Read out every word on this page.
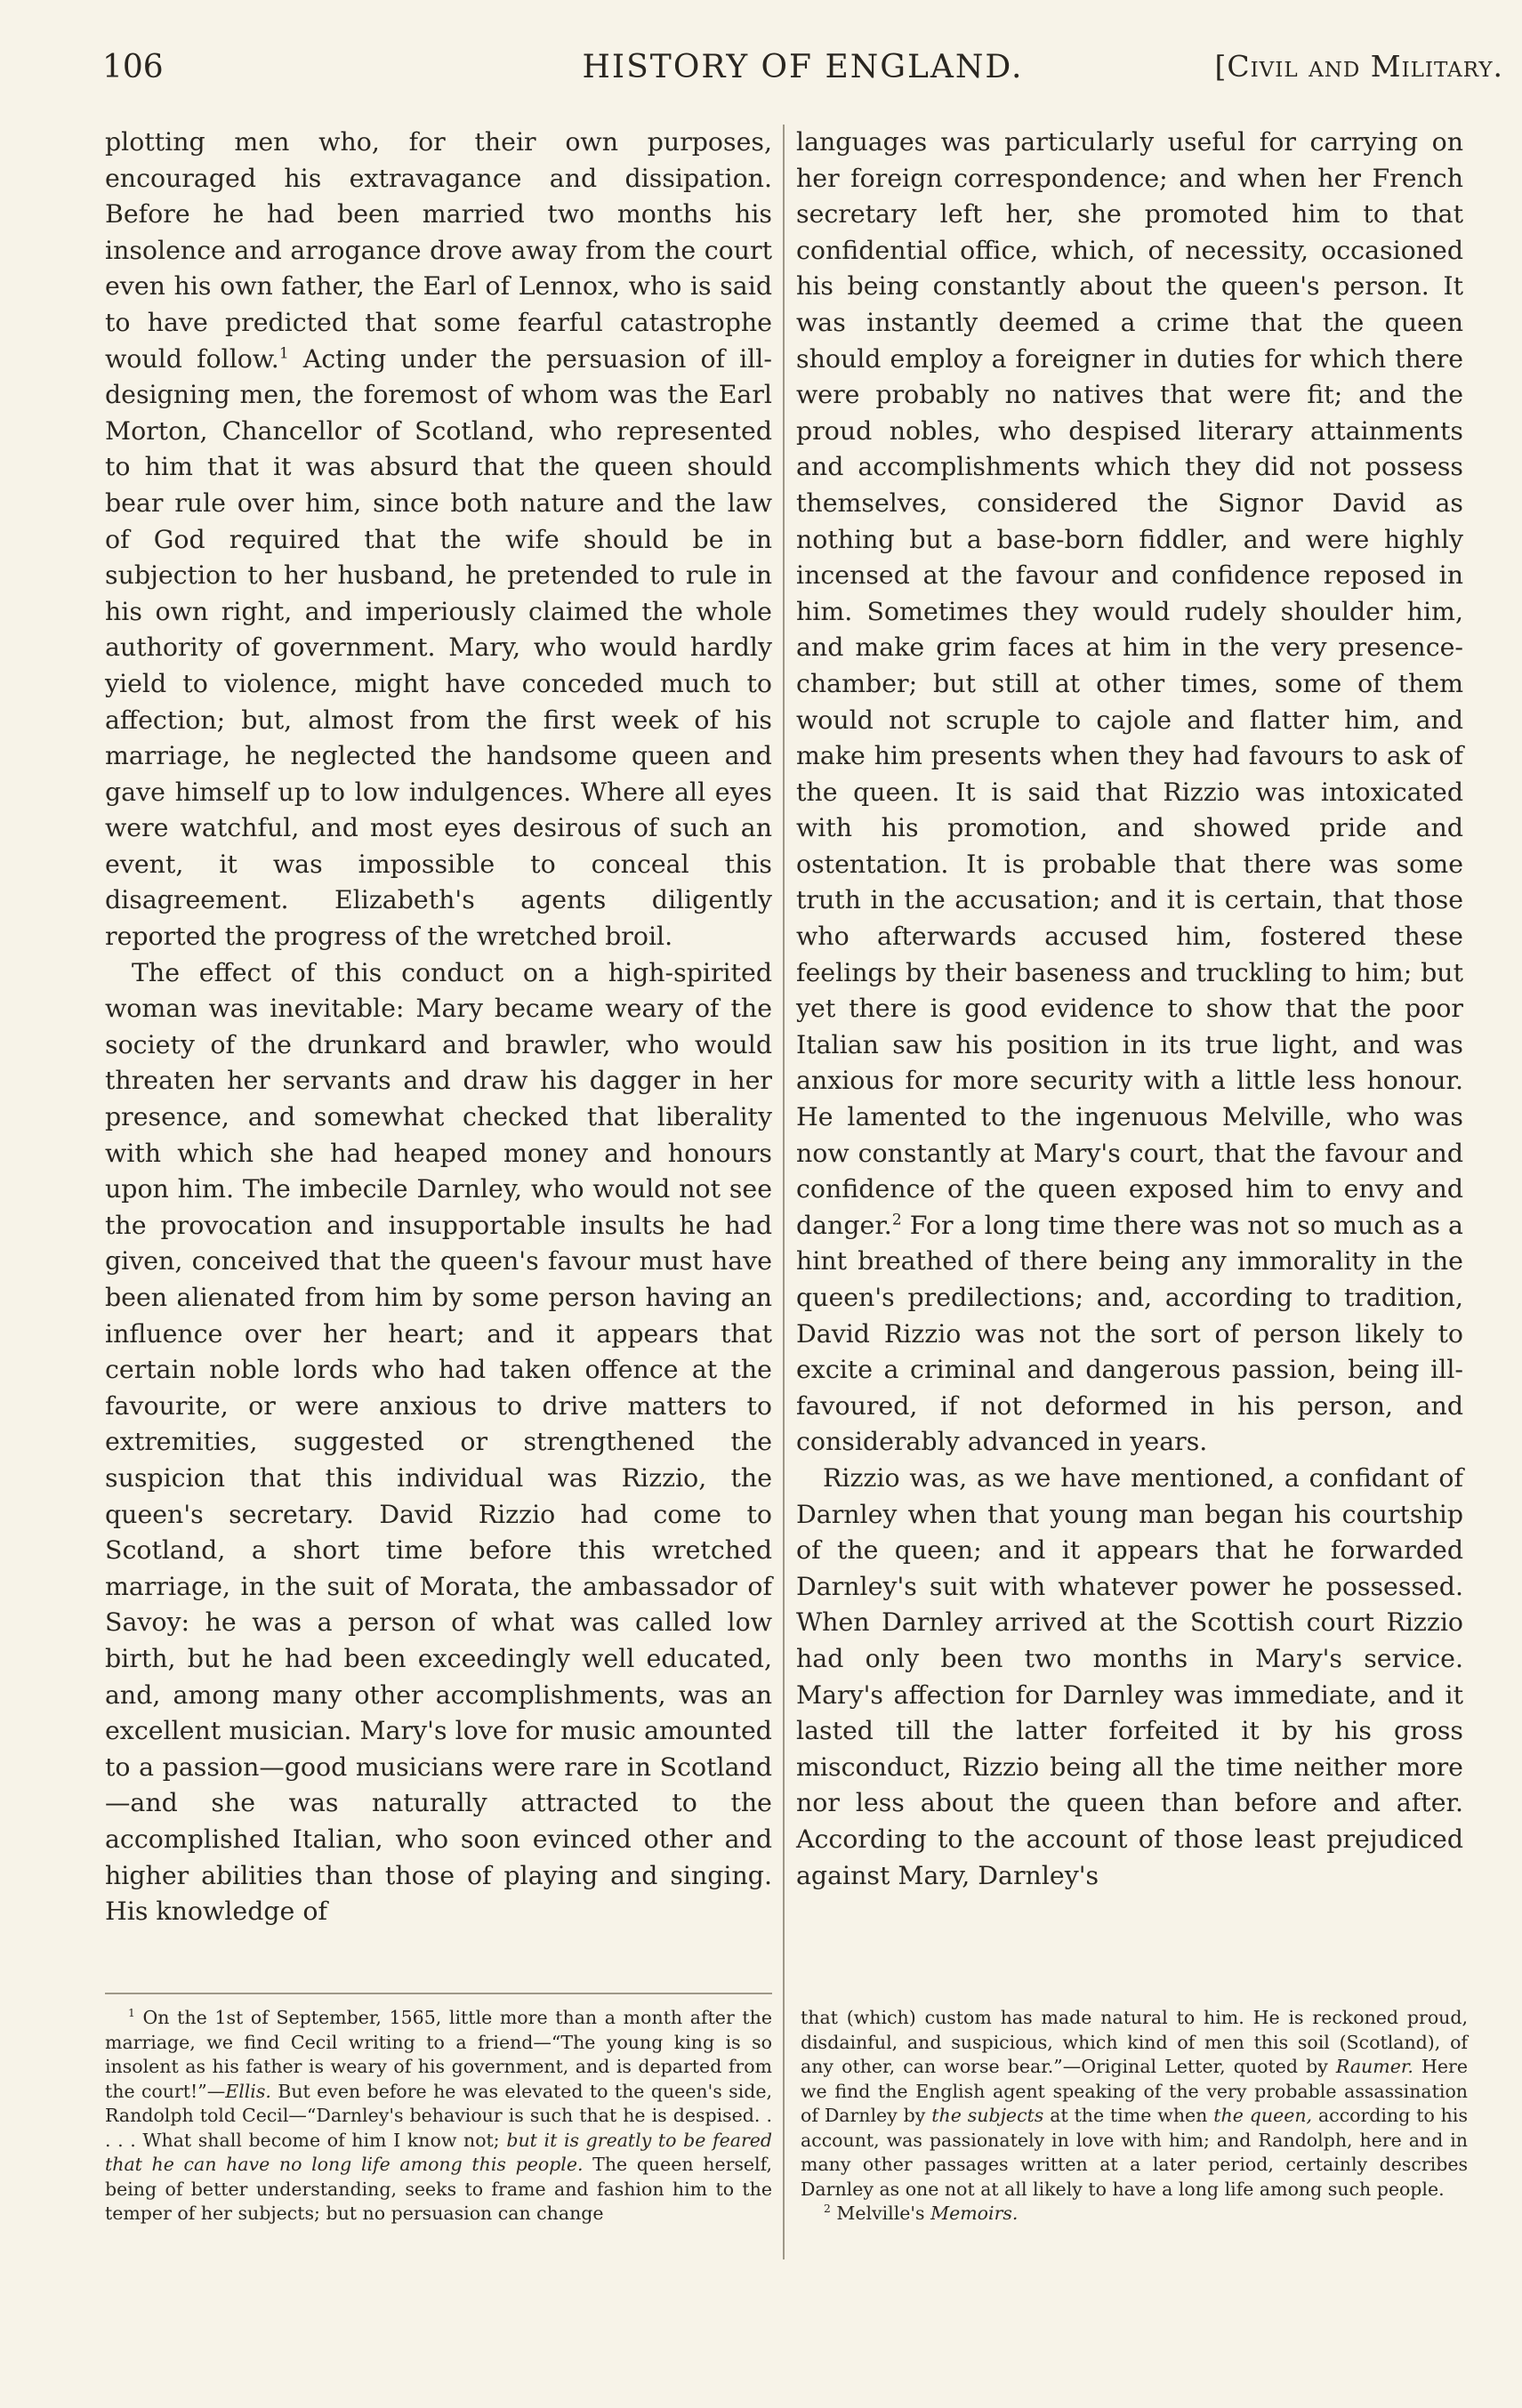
106	HISTORY OF ENGLAND.	[Civil and Military.

plotting men who, for their own purposes, encouraged his extravagance and dissipation. Before he had been married two months his insolence and arrogance drove away from the court even his own father, the Earl of Lennox, who is said to have predicted that some fearful catastrophe would follow.$^1$ Acting under the persuasion of ill-designing men, the foremost of whom was the Earl Morton, Chancellor of Scotland, who represented to him that it was absurd that the queen should bear rule over him, since both nature and the law of God required that the wife should be in subjection to her husband, he pretended to rule in his own right, and imperiously claimed the whole authority of government. Mary, who would hardly yield to violence, might have conceded much to affection; but, almost from the first week of his marriage, he neglected the handsome queen and gave himself up to low indulgences. Where all eyes were watchful, and most eyes desirous of such an event, it was impossible to conceal this disagreement. Elizabeth's agents diligently reported the progress of the wretched broil.

The effect of this conduct on a high-spirited woman was inevitable: Mary became weary of the society of the drunkard and brawler, who would threaten her servants and draw his dagger in her presence, and somewhat checked that liberality with which she had heaped money and honours upon him. The imbecile Darnley, who would not see the provocation and insupportable insults he had given, conceived that the queen's favour must have been alienated from him by some person having an influence over her heart; and it appears that certain noble lords who had taken offence at the favourite, or were anxious to drive matters to extremities, suggested or strengthened the suspicion that this individual was Rizzio, the queen's secretary. David Rizzio had come to Scotland, a short time before this wretched marriage, in the suit of Morata, the ambassador of Savoy: he was a person of what was called low birth, but he had been exceedingly well educated, and, among many other accomplishments, was an excellent musician. Mary's love for music amounted to a passion—good musicians were rare in Scotland—and she was naturally attracted to the accomplished Italian, who soon evinced other and higher abilities than those of playing and singing. His knowledge of

languages was particularly useful for carrying on her foreign correspondence; and when her French secretary left her, she promoted him to that confidential office, which, of necessity, occasioned his being constantly about the queen's person. It was instantly deemed a crime that the queen should employ a foreigner in duties for which there were probably no natives that were fit; and the proud nobles, who despised literary attainments and accomplishments which they did not possess themselves, considered the Signor David as nothing but a base-born fiddler, and were highly incensed at the favour and confidence reposed in him. Sometimes they would rudely shoulder him, and make grim faces at him in the very presence-chamber; but still at other times, some of them would not scruple to cajole and flatter him, and make him presents when they had favours to ask of the queen. It is said that Rizzio was intoxicated with his promotion, and showed pride and ostentation. It is probable that there was some truth in the accusation; and it is certain, that those who afterwards accused him, fostered these feelings by their baseness and truckling to him; but yet there is good evidence to show that the poor Italian saw his position in its true light, and was anxious for more security with a little less honour. He lamented to the ingenuous Melville, who was now constantly at Mary's court, that the favour and confidence of the queen exposed him to envy and danger.$^2$ For a long time there was not so much as a hint breathed of there being any immorality in the queen's predilections; and, according to tradition, David Rizzio was not the sort of person likely to excite a criminal and dangerous passion, being ill-favoured, if not deformed in his person, and considerably advanced in years.

Rizzio was, as we have mentioned, a confidant of Darnley when that young man began his courtship of the queen; and it appears that he forwarded Darnley's suit with whatever power he possessed. When Darnley arrived at the Scottish court Rizzio had only been two months in Mary's service. Mary's affection for Darnley was immediate, and it lasted till the latter forfeited it by his gross misconduct, Rizzio being all the time neither more nor less about the queen than before and after. According to the account of those least prejudiced against Mary, Darnley's

$^1$ On the 1st of September, 1565, little more than a month after the marriage, we find Cecil writing to a friend—“The young king is so insolent as his father is weary of his government, and is departed from the court!”—Ellis. But even before he was elevated to the queen's side, Randolph told Cecil—“Darnley's behaviour is such that he is despised. . . . . What shall become of him I know not; but it is greatly to be feared that he can have no long life among this people. The queen herself, being of better understanding, seeks to frame and fashion him to the temper of her subjects; but no persuasion can change

that (which) custom has made natural to him. He is reckoned proud, disdainful, and suspicious, which kind of men this soil (Scotland), of any other, can worse bear.”—Original Letter, quoted by Raumer. Here we find the English agent speaking of the very probable assassination of Darnley by the subjects at the time when the queen, according to his account, was passionately in love with him; and Randolph, here and in many other passages written at a later period, certainly describes Darnley as one not at all likely to have a long life among such people.

$^2$ Melville's Memoirs.
